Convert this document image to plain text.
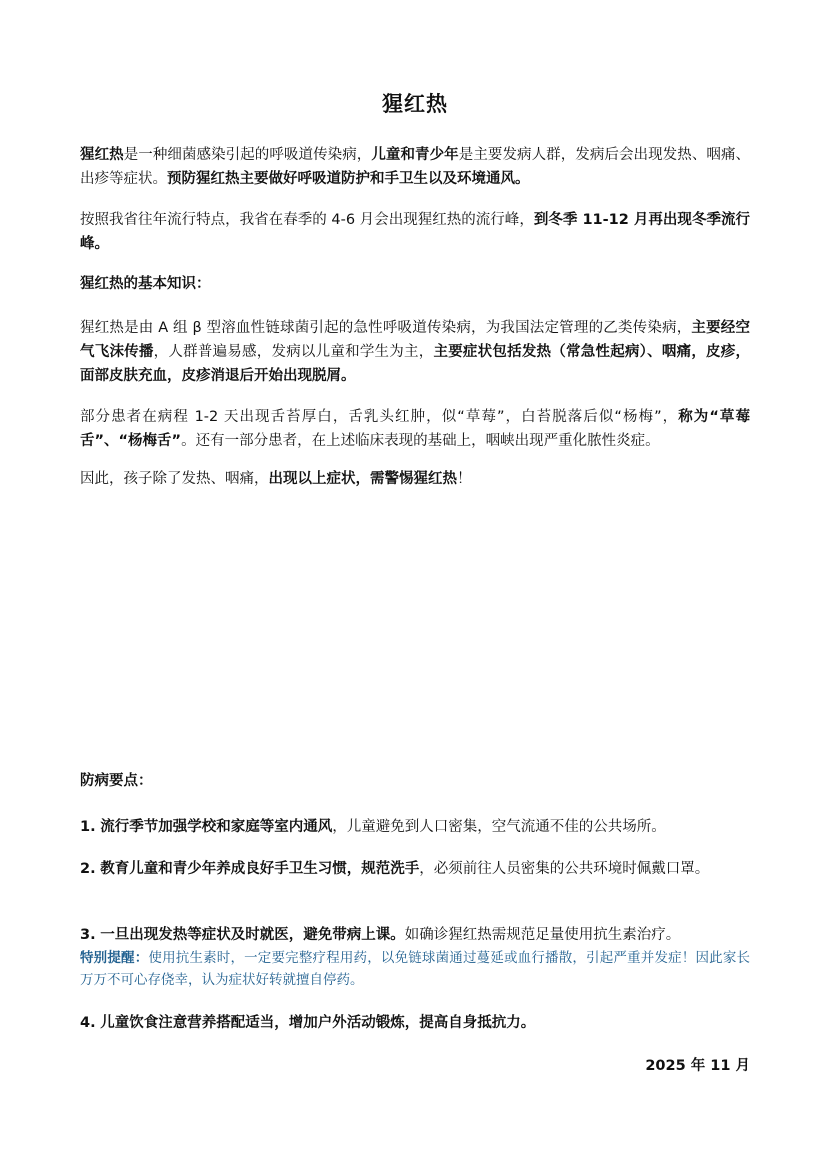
猩红热
猩红热是一种细菌感染引起的呼吸道传染病，儿童和青少年是主要发病人群，发病后会出现发热、咽痛、出疹等症状。预防猩红热主要做好呼吸道防护和手卫生以及环境通风。
按照我省往年流行特点，我省在春季的 4-6 月会出现猩红热的流行峰，到冬季 11-12 月再出现冬季流行峰。
猩红热的基本知识：
猩红热是由 A 组 β 型溶血性链球菌引起的急性呼吸道传染病，为我国法定管理的乙类传染病，主要经空气飞沫传播，人群普遍易感，发病以儿童和学生为主，主要症状包括发热（常急性起病）、咽痛，皮疹，面部皮肤充血，皮疹消退后开始出现脱屑。
部分患者在病程 1-2 天出现舌苔厚白，舌乳头红肿，似“草莓”，白苔脱落后似“杨梅”，称为“草莓舌”、“杨梅舌”。还有一部分患者，在上述临床表现的基础上，咽峡出现严重化脓性炎症。
因此，孩子除了发热、咽痛，出现以上症状，需警惕猩红热！
防病要点：
1. 流行季节加强学校和家庭等室内通风，儿童避免到人口密集，空气流通不佳的公共场所。
2. 教育儿童和青少年养成良好手卫生习惯，规范洗手，必须前往人员密集的公共环境时佩戴口罩。
3. 一旦出现发热等症状及时就医，避免带病上课。如确诊猩红热需规范足量使用抗生素治疗。
特别提醒：使用抗生素时，一定要完整疗程用药，以免链球菌通过蔓延或血行播散，引起严重并发症！因此家长万万不可心存侥幸，认为症状好转就擅自停药。
4. 儿童饮食注意营养搭配适当，增加户外活动锻炼，提高自身抵抗力。
2025 年 11 月
